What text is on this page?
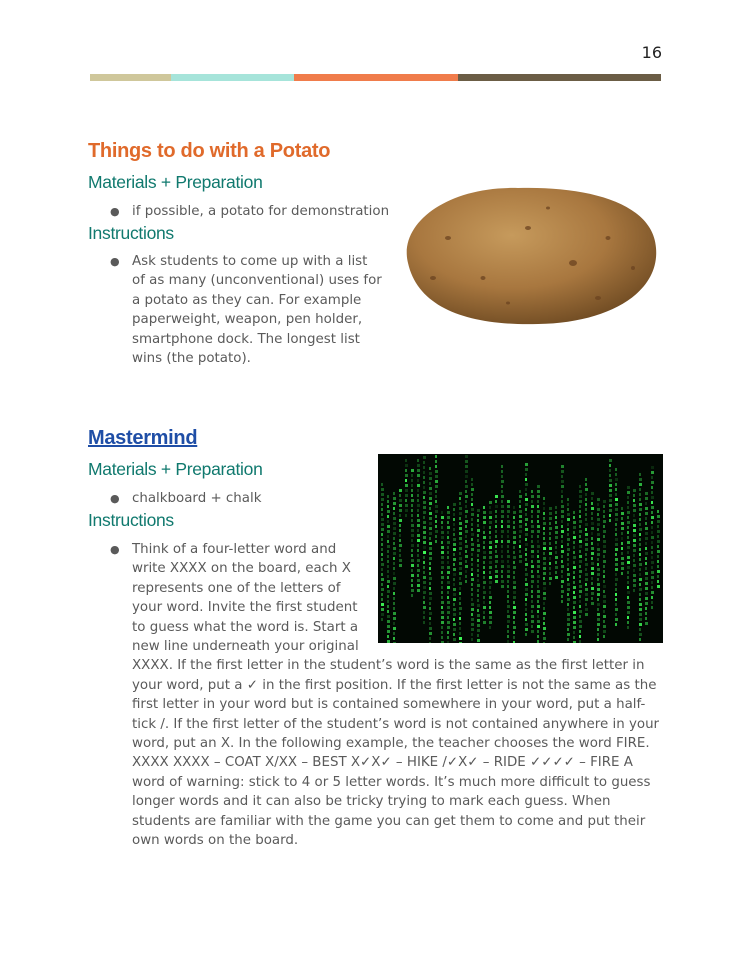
16
Things to do with a Potato
Materials + Preparation
● if possible, a potato for demonstration
Instructions
● Ask students to come up with a list of as many (unconventional) uses for a potato as they can. For example paperweight, weapon, pen holder, smartphone dock. The longest list wins (the potato).
Mastermind
Materials + Preparation
● chalkboard + chalk
Instructions
● Think of a four-letter word and write XXXX on the board, each X represents one of the letters of your word. Invite the first student to guess what the word is. Start a new line underneath your original XXXX. If the first letter in the student’s word is the same as the first letter in your word, put a ✓ in the first position. If the first letter is not the same as the first letter in your word but is contained somewhere in your word, put a half-tick /. If the first letter of the student’s word is not contained anywhere in your word, put an X. In the following example, the teacher chooses the word FIRE. XXXX XXXX – COAT X/XX – BEST X✓X✓ – HIKE /✓X✓ – RIDE ✓✓✓✓ – FIRE A word of warning: stick to 4 or 5 letter words. It’s much more difficult to guess longer words and it can also be tricky trying to mark each guess. When students are familiar with the game you can get them to come and put their own words on the board.
